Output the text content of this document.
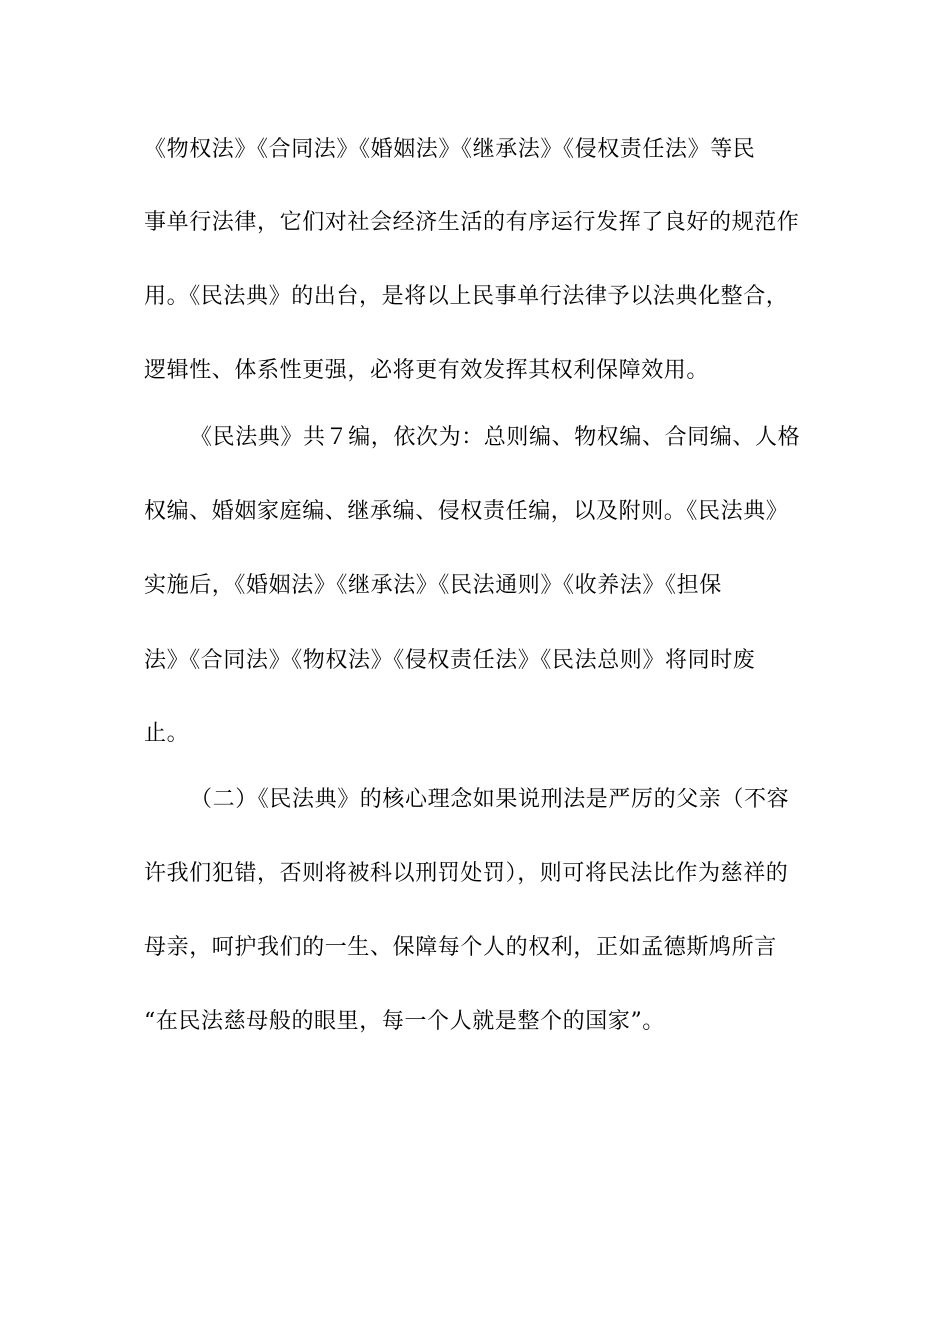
《物权法》《合同法》《婚姻法》《继承法》《侵权责任法》等民
事单行法律，它们对社会经济生活的有序运行发挥了良好的规范作
用。《民法典》的出台，是将以上民事单行法律予以法典化整合，
逻辑性、体系性更强，必将更有效发挥其权利保障效用。
《民法典》共７编，依次为：总则编、物权编、合同编、人格
权编、婚姻家庭编、继承编、侵权责任编，以及附则。《民法典》
实施后，《婚姻法》《继承法》《民法通则》《收养法》《担保
法》《合同法》《物权法》《侵权责任法》《民法总则》将同时废
止。
（二）《民法典》的核心理念如果说刑法是严厉的父亲（不容
许我们犯错，否则将被科以刑罚处罚），则可将民法比作为慈祥的
母亲，呵护我们的一生、保障每个人的权利，正如孟德斯鸠所言
“在民法慈母般的眼里，每一个人就是整个的国家”。
